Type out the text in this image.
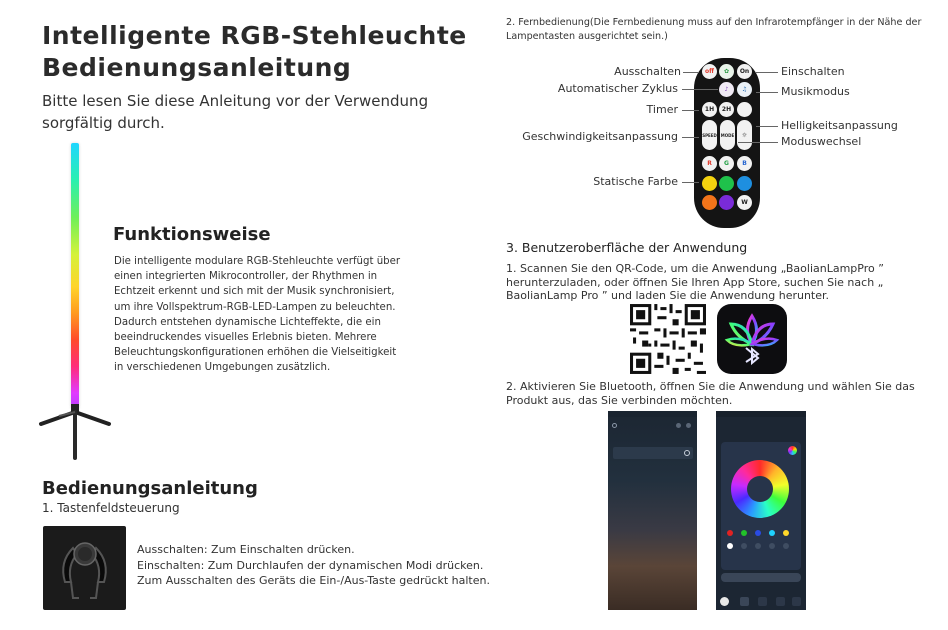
Intelligente RGB-Stehleuchte
Bedienungsanleitung
Bitte lesen Sie diese Anleitung vor der Verwendung sorgfältig durch.
Funktionsweise
Die intelligente modulare RGB-Stehleuchte verfügt über
einen integrierten Mikrocontroller, der Rhythmen in
Echtzeit erkennt und sich mit der Musik synchronisiert,
um ihre Vollspektrum-RGB-LED-Lampen zu beleuchten.
Dadurch entstehen dynamische Lichteffekte, die ein
beeindruckendes visuelles Erlebnis bieten. Mehrere
Beleuchtungskonfigurationen erhöhen die Vielseitigkeit
in verschiedenen Umgebungen zusätzlich.
Bedienungsanleitung
1. Tastenfeldsteuerung
Ausschalten: Zum Einschalten drücken.
Einschalten: Zum Durchlaufen der dynamischen Modi drücken.
Zum Ausschalten des Geräts die Ein-/Aus-Taste gedrückt halten.
2. Fernbedienung(Die Fernbedienung muss auf den Infrarotempfänger in der Nähe der Lampentasten ausgerichtet sein.)
off	✿	On
♪ ♫
1H	2H
SPEED MODE ☼
R	G	B
W
Ausschalten
Automatischer Zyklus
Timer
Geschwindigkeitsanpassung
Statische Farbe
Einschalten
Musikmodus
Helligkeitsanpassung
Moduswechsel
3. Benutzeroberfläche der Anwendung
1. Scannen Sie den QR-Code, um die Anwendung „BaolianLampPro ” herunterzuladen, oder öffnen Sie Ihren App Store, suchen Sie nach „ BaolianLamp Pro ” und laden Sie die Anwendung herunter.
2. Aktivieren Sie Bluetooth, öffnen Sie die Anwendung und wählen Sie das Produkt aus, das Sie verbinden möchten.
